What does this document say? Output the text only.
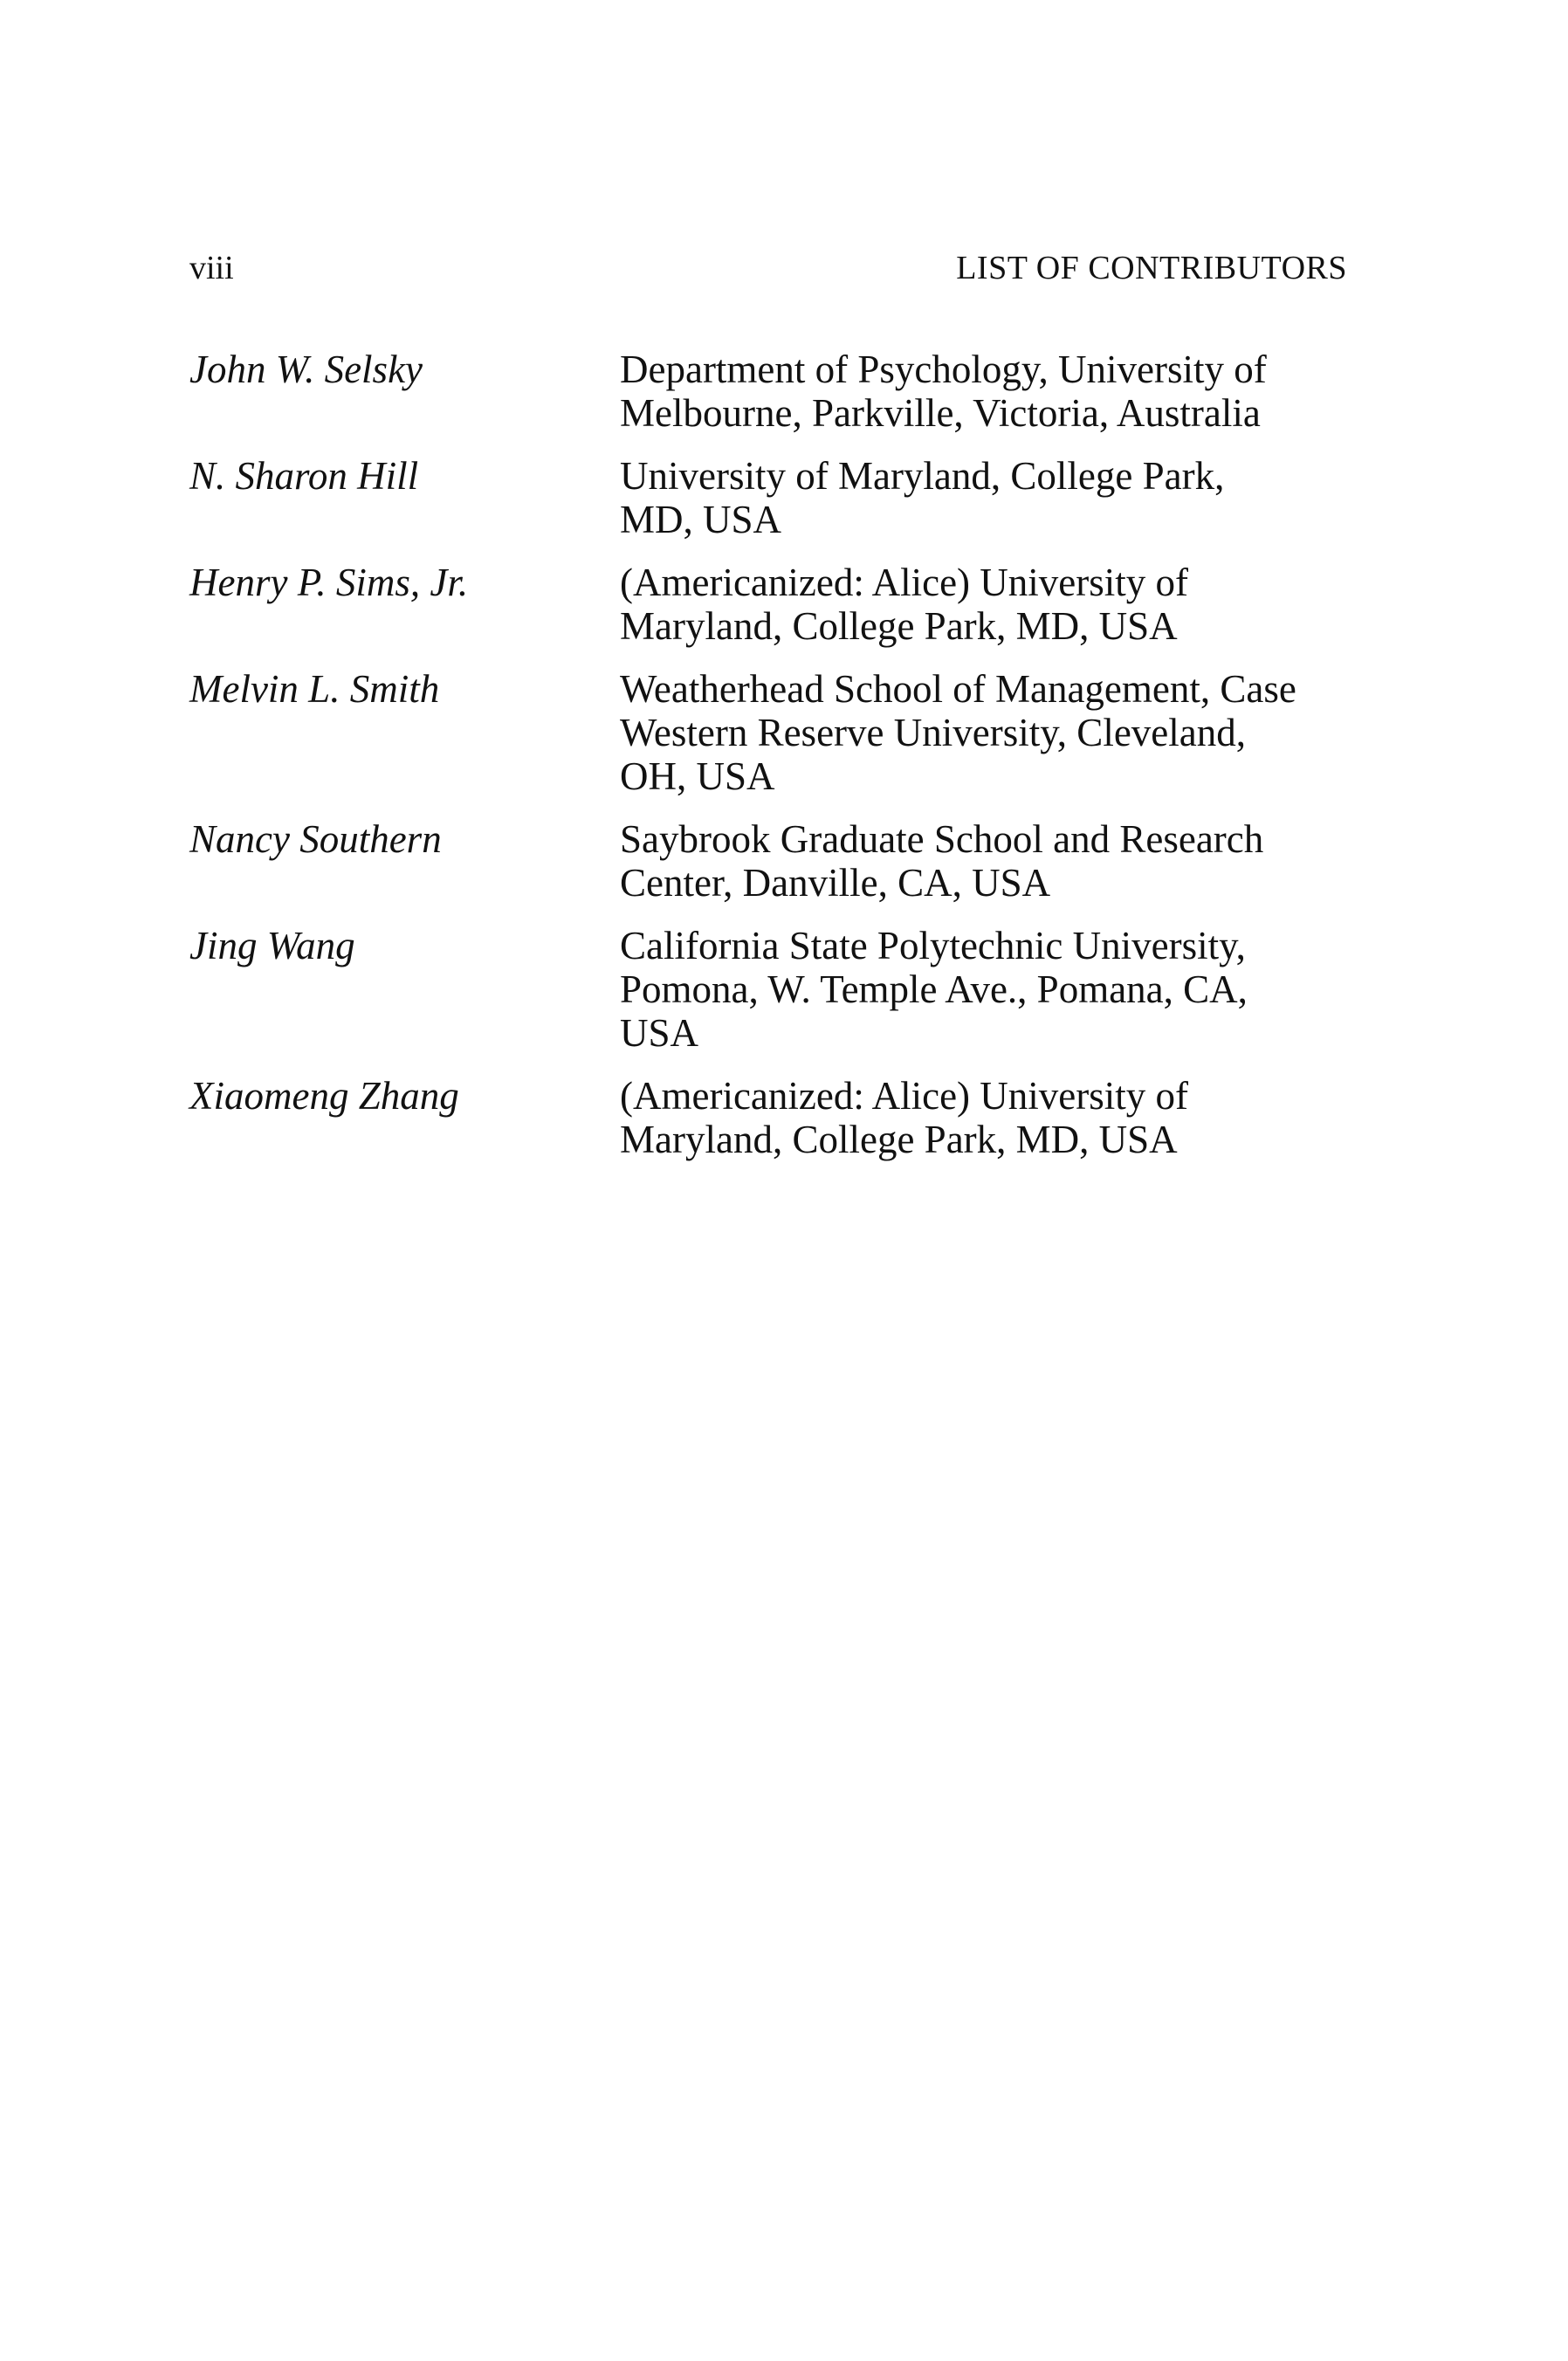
viii	LIST OF CONTRIBUTORS
John W. Selsky	Department of Psychology, University of
Melbourne, Parkville, Victoria, Australia
N. Sharon Hill	University of Maryland, College Park,
MD, USA
Henry P. Sims, Jr.	(Americanized: Alice) University of
Maryland, College Park, MD, USA
Melvin L. Smith	Weatherhead School of Management, Case
Western Reserve University, Cleveland,
OH, USA
Nancy Southern	Saybrook Graduate School and Research
Center, Danville, CA, USA
Jing Wang	California State Polytechnic University,
Pomona, W. Temple Ave., Pomana, CA,
USA
Xiaomeng Zhang	(Americanized: Alice) University of
Maryland, College Park, MD, USA
